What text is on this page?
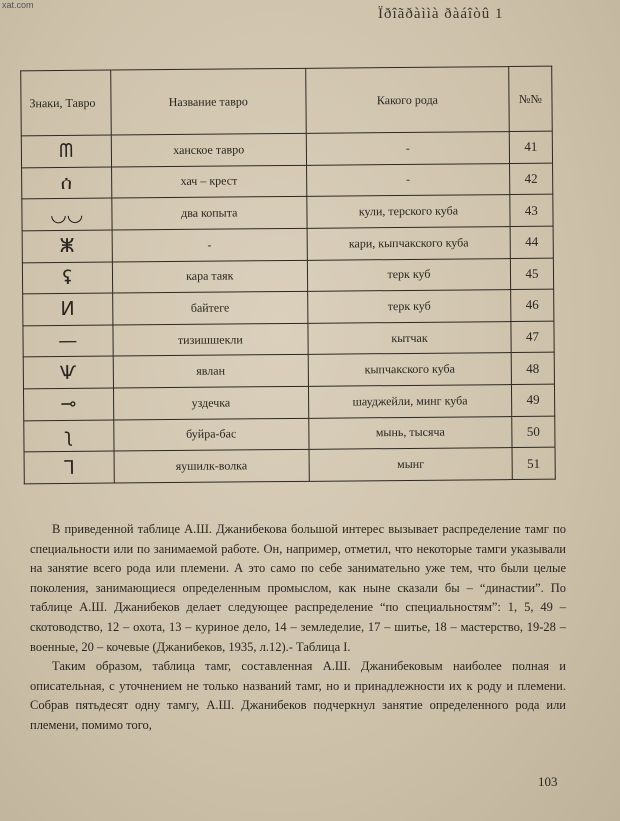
xat.com
Ïðîãðàììà ðàáîòû 1
Знаки, Тавро	Название тавро	Какого рода	№№
ᗰ	ханское тавро	-	41
ሰ	хач – крест	-	42
◡◡	два копыта	кули, терского куба	43
ⵥ	-	кари, кыпчакского куба	44
ʢ	кара таяк	терк куб	45
И	байтеге	терк куб	46
—	тизишшекли	кытчак	47
Ѱ	явлан	кыпчакского куба	48
⊸	уздечка	шауджейли, минг куба	49
ʅ	буйра-бас	мынь, тысяча	50
ᒣ	яушилк-волка	мынг	51

В приведенной таблице А.Ш. Джанибекова большой интерес вызывает распределение тамг по специальности или по занимаемой работе. Он, например, отметил, что некоторые тамги указывали на занятие всего рода или племени. А это само по себе занимательно уже тем, что были целые поколения, занимающиеся определенным промыслом, как ныне сказали бы – “династии”. По таблице А.Ш. Джанибеков делает следующее распределение “по специальностям”: 1, 5, 49 – скотоводство, 12 – охота, 13 – куриное дело, 14 – земледелие, 17 – шитье, 18 – мастерство, 19-28 – военные, 20 – кочевые (Джанибеков, 1935, л.12).- Таблица I.

Таким образом, таблица тамг, составленная А.Ш. Джанибековым наиболее полная и описательная, с уточнением не только названий тамг, но и принадлежности их к роду и племени. Собрав пятьдесят одну тамгу, А.Ш. Джанибеков подчеркнул занятие определенного рода или племени, помимо того,

103
